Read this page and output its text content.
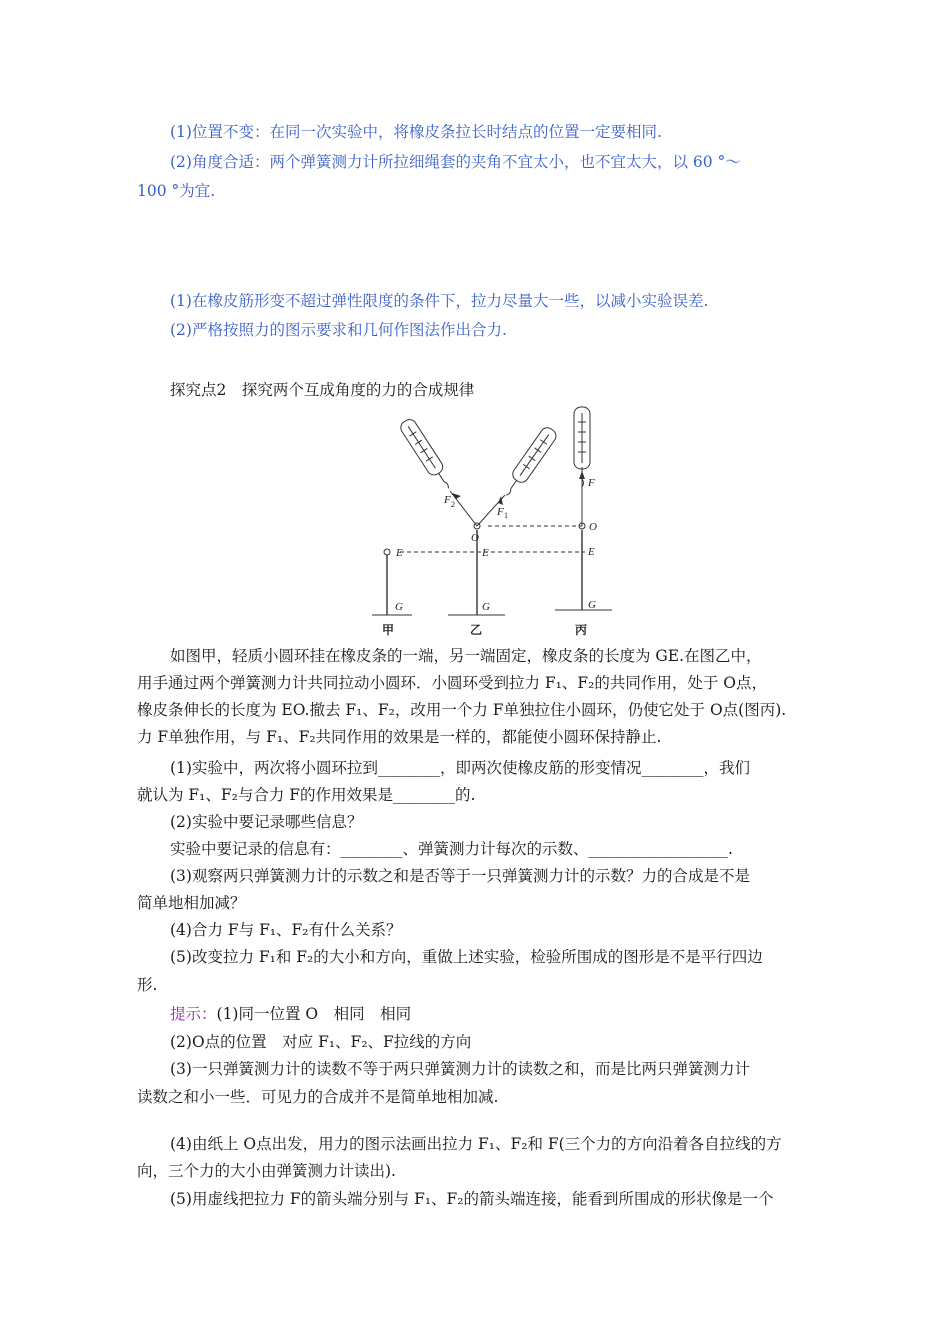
(1)位置不变：在同一次实验中，将橡皮条拉长时结点的位置一定要相同.
(2)角度合适：两个弹簧测力计所拉细绳套的夹角不宜太小，也不宜太大，以 60 °～
100 °为宜.
(1)在橡皮筋形变不超过弹性限度的条件下，拉力尽量大一些，以减小实验误差.
(2)严格按照力的图示要求和几何作图法作出合力.
探究点2　探究两个互成角度的力的合成规律
E
G
E
G
O
E
G
O
F
F 2
F 1
甲	乙	丙
如图甲，轻质小圆环挂在橡皮条的一端，另一端固定，橡皮条的长度为 GE.在图乙中，
用手通过两个弹簧测力计共同拉动小圆环．小圆环受到拉力 F₁、F₂的共同作用，处于 O点，
橡皮条伸长的长度为 EO.撤去 F₁、F₂，改用一个力 F单独拉住小圆环，仍使它处于 O点(图丙).
力 F单独作用，与 F₁、F₂共同作用的效果是一样的，都能使小圆环保持静止.
(1)实验中，两次将小圆环拉到________，即两次使橡皮筋的形变情况________，我们
就认为 F₁、F₂与合力 F的作用效果是________的.
(2)实验中要记录哪些信息？
实验中要记录的信息有：________、弹簧测力计每次的示数、__________________.
(3)观察两只弹簧测力计的示数之和是否等于一只弹簧测力计的示数？力的合成是不是
简单地相加减？
(4)合力 F与 F₁、F₂有什么关系？
(5)改变拉力 F₁和 F₂的大小和方向，重做上述实验，检验所围成的图形是不是平行四边
形.
提示：(1)同一位置 O　相同　相同
(2)O点的位置　对应 F₁、F₂、F拉线的方向
(3)一只弹簧测力计的读数不等于两只弹簧测力计的读数之和，而是比两只弹簧测力计
读数之和小一些．可见力的合成并不是简单地相加减.
(4)由纸上 O点出发，用力的图示法画出拉力 F₁、F₂和 F(三个力的方向沿着各自拉线的方
向，三个力的大小由弹簧测力计读出).
(5)用虚线把拉力 F的箭头端分别与 F₁、F₂的箭头端连接，能看到所围成的形状像是一个
